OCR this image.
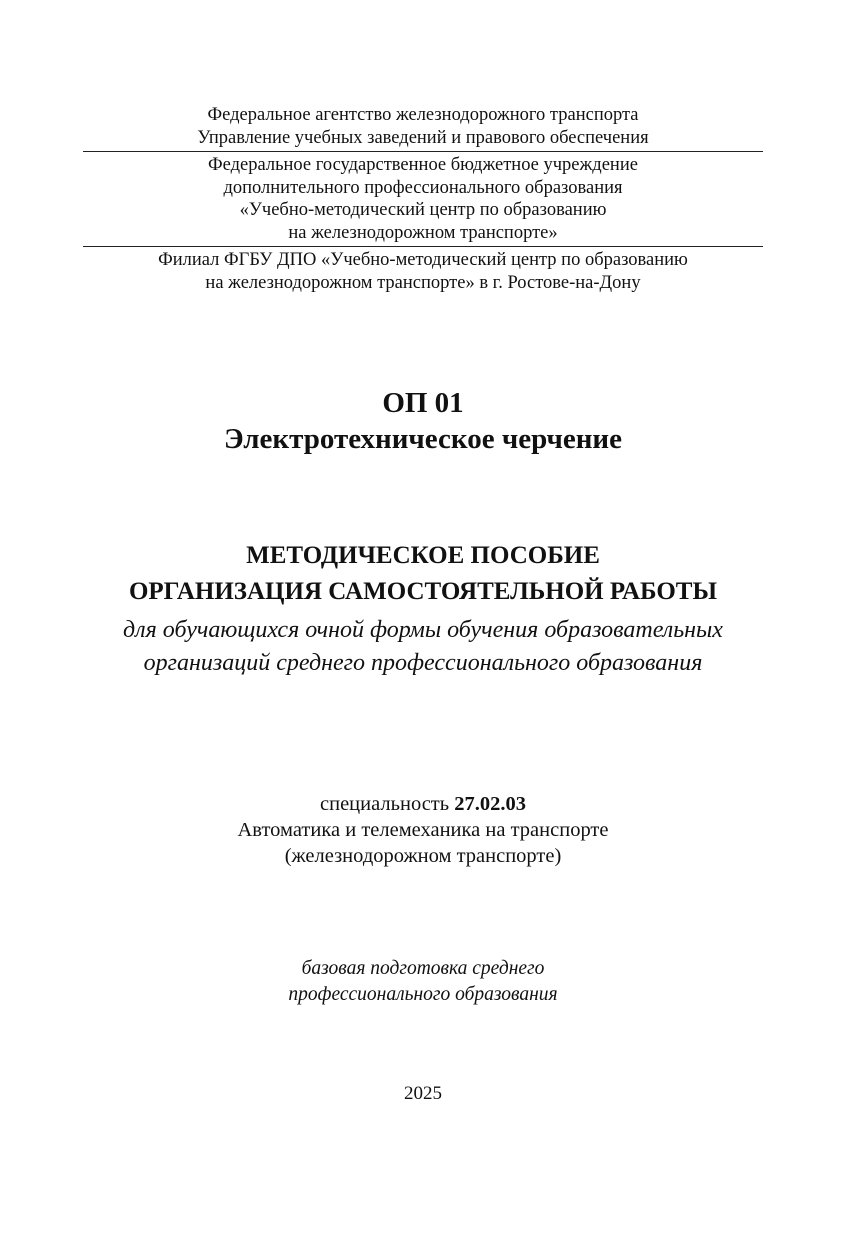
Федеральное агентство железнодорожного транспорта
Управление учебных заведений и правового обеспечения
Федеральное государственное бюджетное учреждение
дополнительного профессионального образования
«Учебно-методический центр по образованию
на железнодорожном транспорте»
Филиал ФГБУ ДПО «Учебно-методический центр по образованию
на железнодорожном транспорте» в г. Ростове-на-Дону
ОП 01
Электротехническое черчение
МЕТОДИЧЕСКОЕ ПОСОБИЕ
ОРГАНИЗАЦИЯ САМОСТОЯТЕЛЬНОЙ РАБОТЫ
для обучающихся очной формы обучения образовательных
организаций среднего профессионального образования
специальность 27.02.03
Автоматика и телемеханика на транспорте
(железнодорожном транспорте)
базовая подготовка среднего
профессионального образования
2025
